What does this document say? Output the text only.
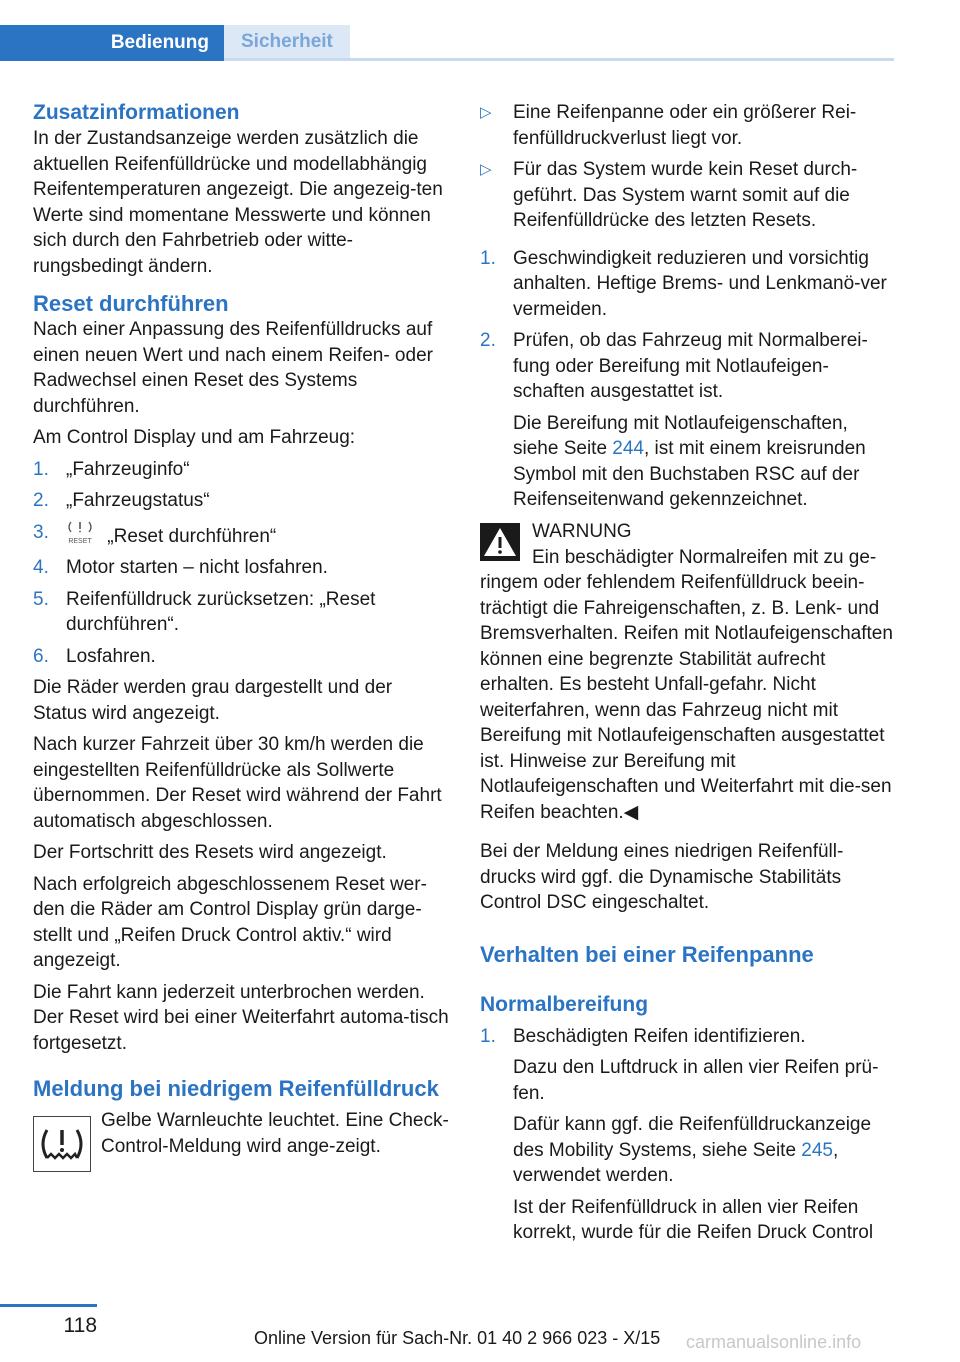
Bedienung	Sicherheit
Zusatzinformationen

In der Zustandsanzeige werden zusätzlich die aktuellen Reifenfülldrücke und modellabhängig Reifentemperaturen angezeigt. Die angezeig‐ten Werte sind momentane Messwerte und können sich durch den Fahrbetrieb oder witte‐rungsbedingt ändern.

Reset durchführen

Nach einer Anpassung des Reifenfülldrucks auf einen neuen Wert und nach einem Reifen- oder Radwechsel einen Reset des Systems durchführen.

Am Control Display und am Fahrzeug:

1. „Fahrzeuginfo“
2. „Fahrzeugstatus“
3.	RESET „Reset durchführen“
4. Motor starten – nicht losfahren.
5. Reifenfülldruck zurücksetzen: „Reset durchführen“.
6. Losfahren.

Die Räder werden grau dargestellt und der Status wird angezeigt.

Nach kurzer Fahrzeit über 30 km/h werden die eingestellten Reifenfülldrücke als Sollwerte übernommen. Der Reset wird während der Fahrt automatisch abgeschlossen.

Der Fortschritt des Resets wird angezeigt.

Nach erfolgreich abgeschlossenem Reset wer‐den die Räder am Control Display grün darge‐stellt und „Reifen Druck Control aktiv.“ wird angezeigt.

Die Fahrt kann jederzeit unterbrochen werden. Der Reset wird bei einer Weiterfahrt automa‐tisch fortgesetzt.

Meldung bei niedrigem Reifenfülldruck
Gelbe Warnleuchte leuchtet. Eine Check-Control-Meldung wird ange‐zeigt.
▷ Eine Reifenpanne oder ein größerer Rei‐fenfülldruckverlust liegt vor.
▷ Für das System wurde kein Reset durch‐geführt. Das System warnt somit auf die Reifenfülldrücke des letzten Resets.
1. Geschwindigkeit reduzieren und vorsichtig anhalten. Heftige Brems- und Lenkmanö‐ver vermeiden.
2. Prüfen, ob das Fahrzeug mit Normalberei‐fung oder Bereifung mit Notlaufeigen‐schaften ausgestattet ist.

Die Bereifung mit Notlaufeigenschaften, siehe Seite 244, ist mit einem kreisrunden Symbol mit den Buchstaben RSC auf der Reifenseitenwand gekennzeichnet.

WARNUNG

Ein beschädigter Normalreifen mit zu ge‐ringem oder fehlendem Reifenfülldruck beein‐trächtigt die Fahreigenschaften, z. B. Lenk- und Bremsverhalten. Reifen mit Notlaufeigenschaften können eine begrenzte Stabilität aufrecht erhalten. Es besteht Unfall‐gefahr. Nicht weiterfahren, wenn das Fahrzeug nicht mit Bereifung mit Notlaufeigenschaften ausgestattet ist. Hinweise zur Bereifung mit Notlaufeigenschaften und Weiterfahrt mit die‐sen Reifen beachten.◀

Bei der Meldung eines niedrigen Reifenfüll‐drucks wird ggf. die Dynamische Stabilitäts Control DSC eingeschaltet.

Verhalten bei einer Reifenpanne
Normalbereifung
1. Beschädigten Reifen identifizieren.

Dazu den Luftdruck in allen vier Reifen prü‐fen.

Dafür kann ggf. die Reifenfülldruckanzeige des Mobility Systems, siehe Seite 245, verwendet werden.

Ist der Reifenfülldruck in allen vier Reifen korrekt, wurde für die Reifen Druck Control

118
Online Version für Sach-Nr. 01 40 2 966 023 - X/15 carmanualsonline.info
